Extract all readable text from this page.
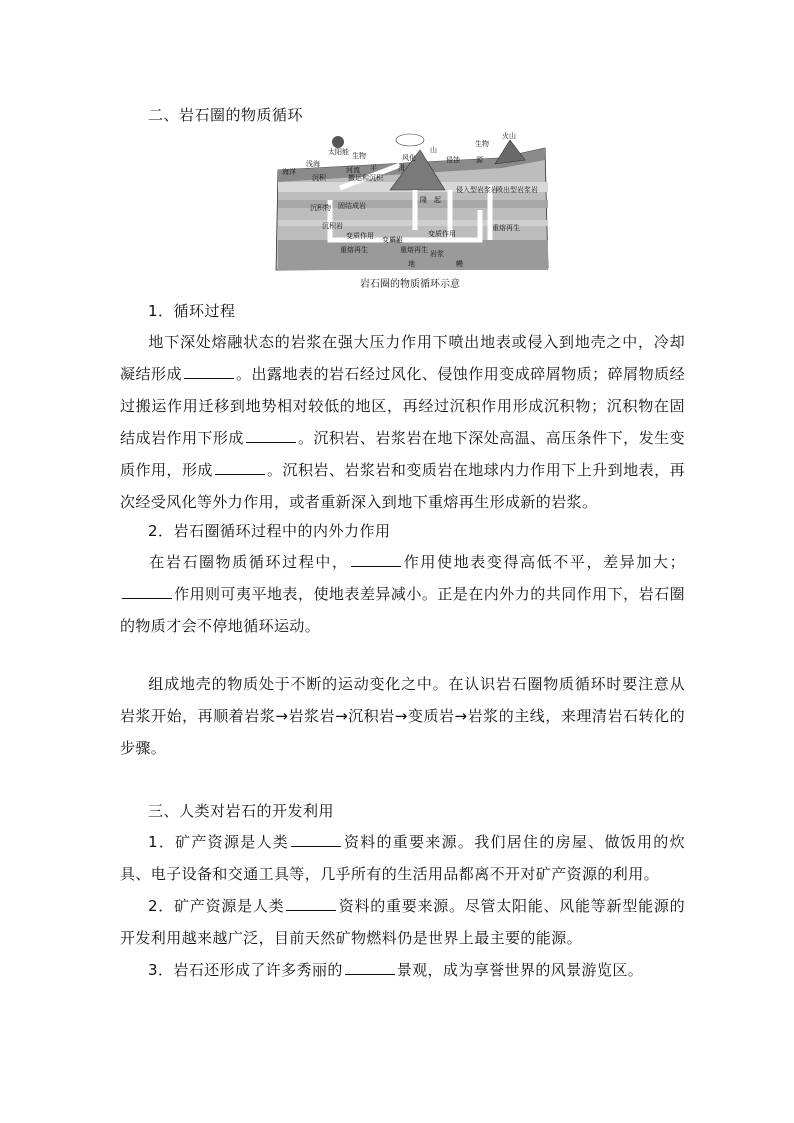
二、岩石圈的物质循环
太阳能 生物
生物
火山
海洋
浅海
沉积
河流 平
搬运和沉积
山
风化	侵蚀
滑
源
沉积物 固结成岩
沉积岩
侵入型岩浆岩
喷出型岩浆岩
变质作用 变质岩
变质作用
重熔再生	重熔再生 岩浆
重熔再生
地	幔
隆 起
岩石圈的物质循环示意
1．循环过程
地下深处熔融状态的岩浆在强大压力作用下喷出地表或侵入到地壳之中，冷却凝结形成	。出露地表的岩石经过风化、侵蚀作用变成碎屑物质；碎屑物质经过搬运作用迁移到地势相对较低的地区，再经过沉积作用形成沉积物；沉积物在固结成岩作用下形成	。沉积岩、岩浆岩在地下深处高温、高压条件下，发生变质作用，形成	。沉积岩、岩浆岩和变质岩在地球内力作用下上升到地表，再次经受风化等外力作用，或者重新深入到地下重熔再生形成新的岩浆。
2．岩石圈循环过程中的内外力作用
在岩石圈物质循环过程中，	作用使地表变得高低不平，差异加大；作用则可夷平地表，使地表差异减小。正是在内外力的共同作用下，岩石圈的物质才会不停地循环运动。
组成地壳的物质处于不断的运动变化之中。在认识岩石圈物质循环时要注意从岩浆开始，再顺着岩浆→岩浆岩→沉积岩→变质岩→岩浆的主线，来理清岩石转化的步骤。
三、人类对岩石的开发利用
1．矿产资源是人类	资料的重要来源。我们居住的房屋、做饭用的炊具、电子设备和交通工具等，几乎所有的生活用品都离不开对矿产资源的利用。
2．矿产资源是人类	资料的重要来源。尽管太阳能、风能等新型能源的开发利用越来越广泛，目前天然矿物燃料仍是世界上最主要的能源。
3．岩石还形成了许多秀丽的	景观，成为享誉世界的风景游览区。
